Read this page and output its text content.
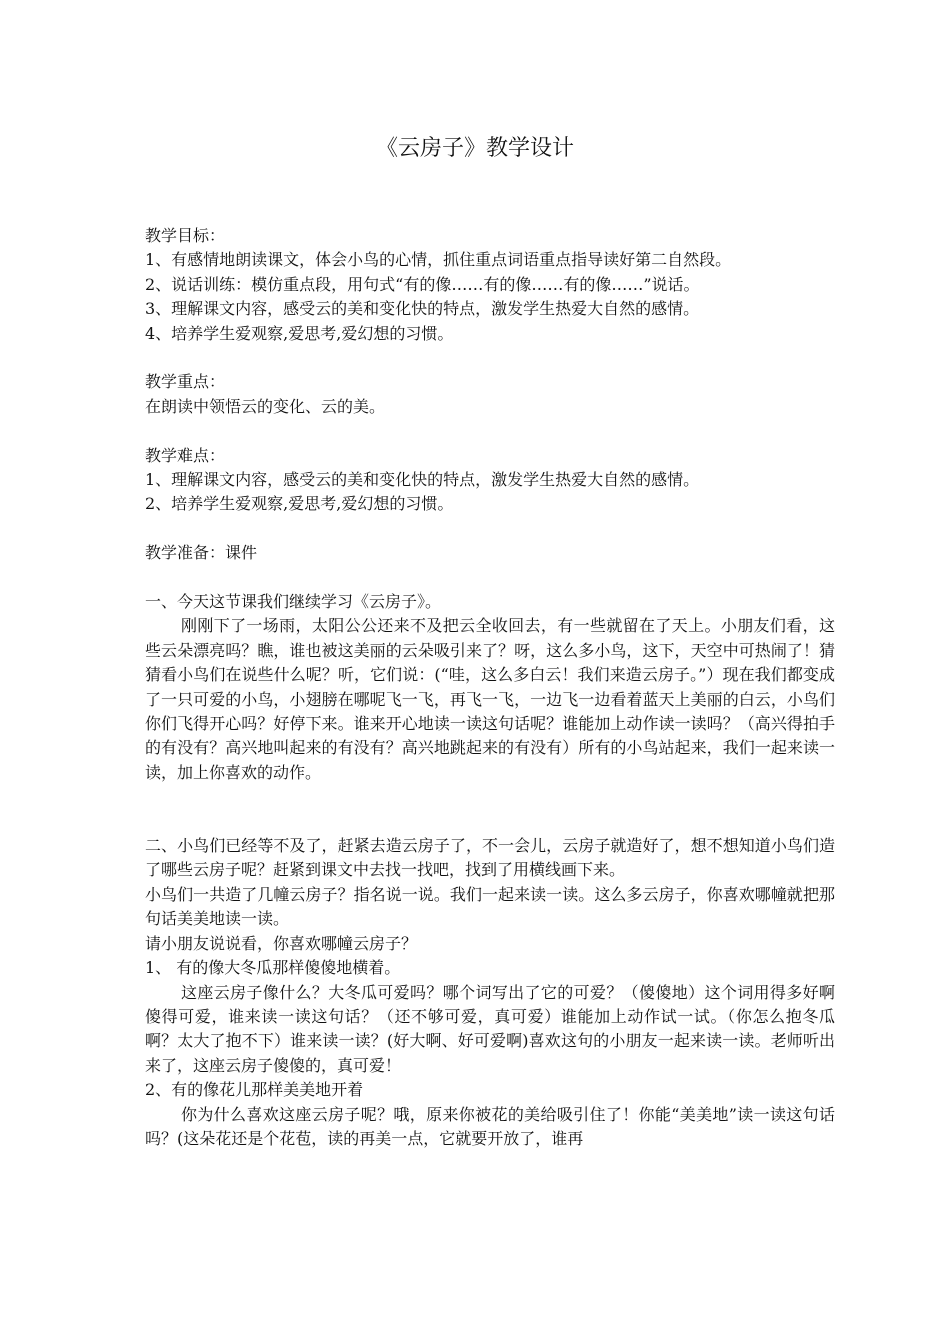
《云房子》教学设计

教学目标：

1、有感情地朗读课文，体会小鸟的心情，抓住重点词语重点指导读好第二自然段。

2、说话训练：模仿重点段，用句式“有的像……有的像……有的像……”说话。

3、理解课文内容，感受云的美和变化快的特点，激发学生热爱大自然的感情。

4、培养学生爱观察,爱思考,爱幻想的习惯。

教学重点：

在朗读中领悟云的变化、云的美。

教学难点：

1、理解课文内容，感受云的美和变化快的特点，激发学生热爱大自然的感情。

2、培养学生爱观察,爱思考,爱幻想的习惯。

教学准备：课件

一、今天这节课我们继续学习《云房子》。

刚刚下了一场雨，太阳公公还来不及把云全收回去，有一些就留在了天上。小朋友们看，这些云朵漂亮吗？瞧，谁也被这美丽的云朵吸引来了？呀，这么多小鸟，这下，天空中可热闹了！猜猜看小鸟们在说些什么呢？听，它们说：(“哇，这么多白云！我们来造云房子。”）现在我们都变成了一只可爱的小鸟，小翅膀在哪呢飞一飞，再飞一飞，一边飞一边看着蓝天上美丽的白云，小鸟们你们飞得开心吗？好停下来。谁来开心地读一读这句话呢？谁能加上动作读一读吗？（高兴得拍手的有没有？高兴地叫起来的有没有？高兴地跳起来的有没有）所有的小鸟站起来，我们一起来读一读，加上你喜欢的动作。

二、小鸟们已经等不及了，赶紧去造云房子了，不一会儿，云房子就造好了，想不想知道小鸟们造了哪些云房子呢？赶紧到课文中去找一找吧，找到了用横线画下来。

小鸟们一共造了几幢云房子？指名说一说。我们一起来读一读。这么多云房子，你喜欢哪幢就把那句话美美地读一读。

请小朋友说说看，你喜欢哪幢云房子？

1、 有的像大冬瓜那样傻傻地横着。

这座云房子像什么？大冬瓜可爱吗？哪个词写出了它的可爱？（傻傻地）这个词用得多好啊傻得可爱，谁来读一读这句话？（还不够可爱，真可爱）谁能加上动作试一试。（你怎么抱冬瓜啊？太大了抱不下）谁来读一读？(好大啊、好可爱啊)喜欢这句的小朋友一起来读一读。老师听出来了，这座云房子傻傻的，真可爱！

2、有的像花儿那样美美地开着

你为什么喜欢这座云房子呢？哦，原来你被花的美给吸引住了！你能“美美地”读一读这句话吗？(这朵花还是个花苞，读的再美一点，它就要开放了，谁再
